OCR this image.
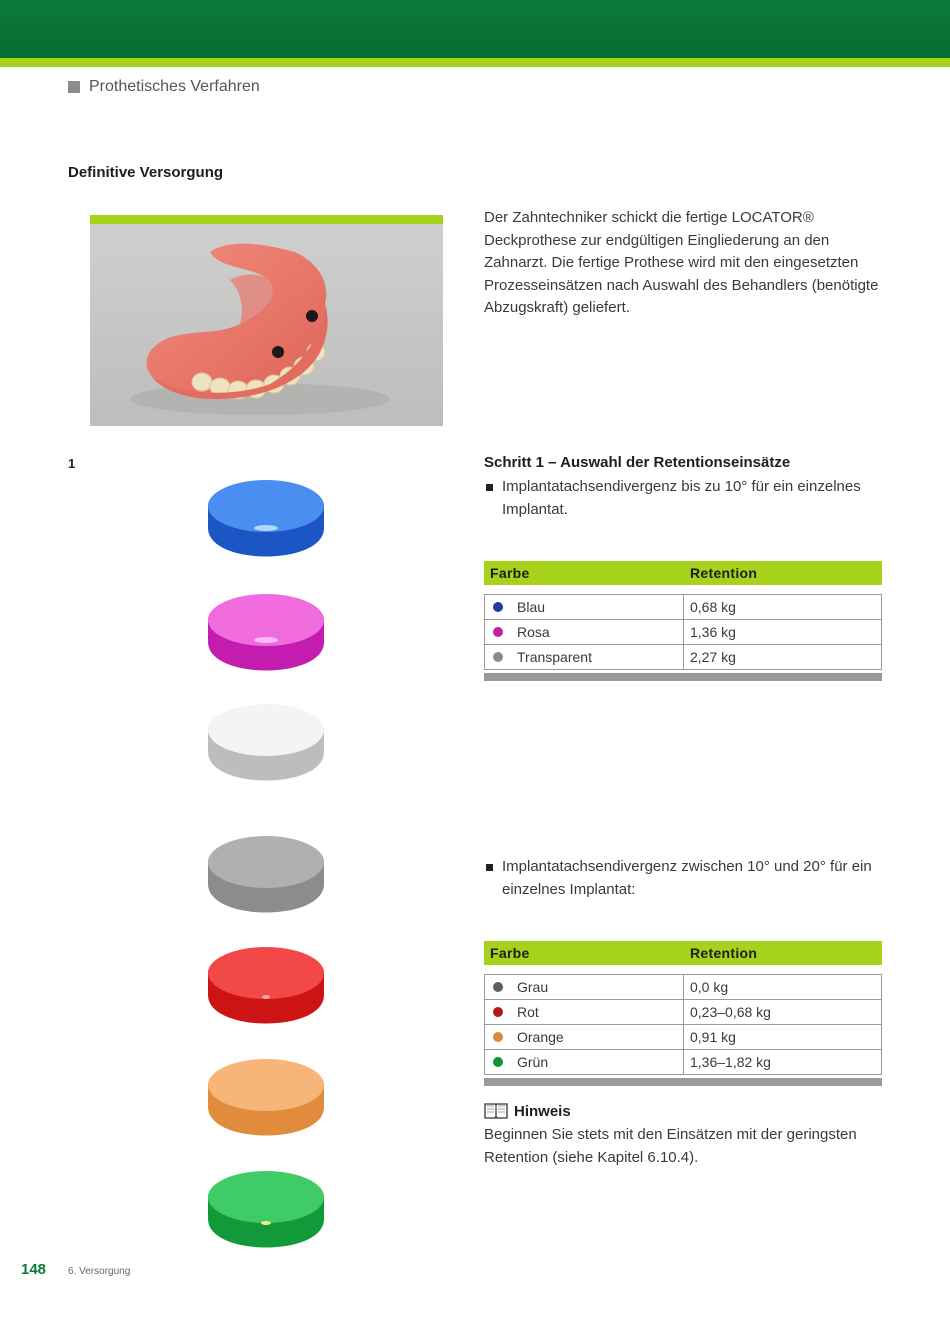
Prothetisches Verfahren
Definitive Versorgung
Der Zahntechniker schickt die fertige LOCATOR® Deckprothese zur endgültigen Eingliederung an den Zahnarzt. Die fertige Prothese wird mit den eingesetzten Prozesseinsätzen nach Auswahl des Behandlers (benötigte Abzugskraft) geliefert.
1	Schritt 1 – Auswahl der Retentionseinsätze
Implantatachsendivergenz bis zu 10° für ein einzelnes Implantat.
Farbe	Retention
Blau	0,68 kg
Rosa	1,36 kg
Transparent	2,27 kg
Implantatachsendivergenz zwischen 10° und 20° für ein einzelnes Implantat:
Farbe	Retention
Grau	0,0 kg
Rot	0,23–0,68 kg
Orange	0,91 kg
Grün	1,36–1,82 kg
Hinweis
Beginnen Sie stets mit den Einsätzen mit der geringsten Retention (siehe Kapitel 6.10.4).
148 6. Versorgung
